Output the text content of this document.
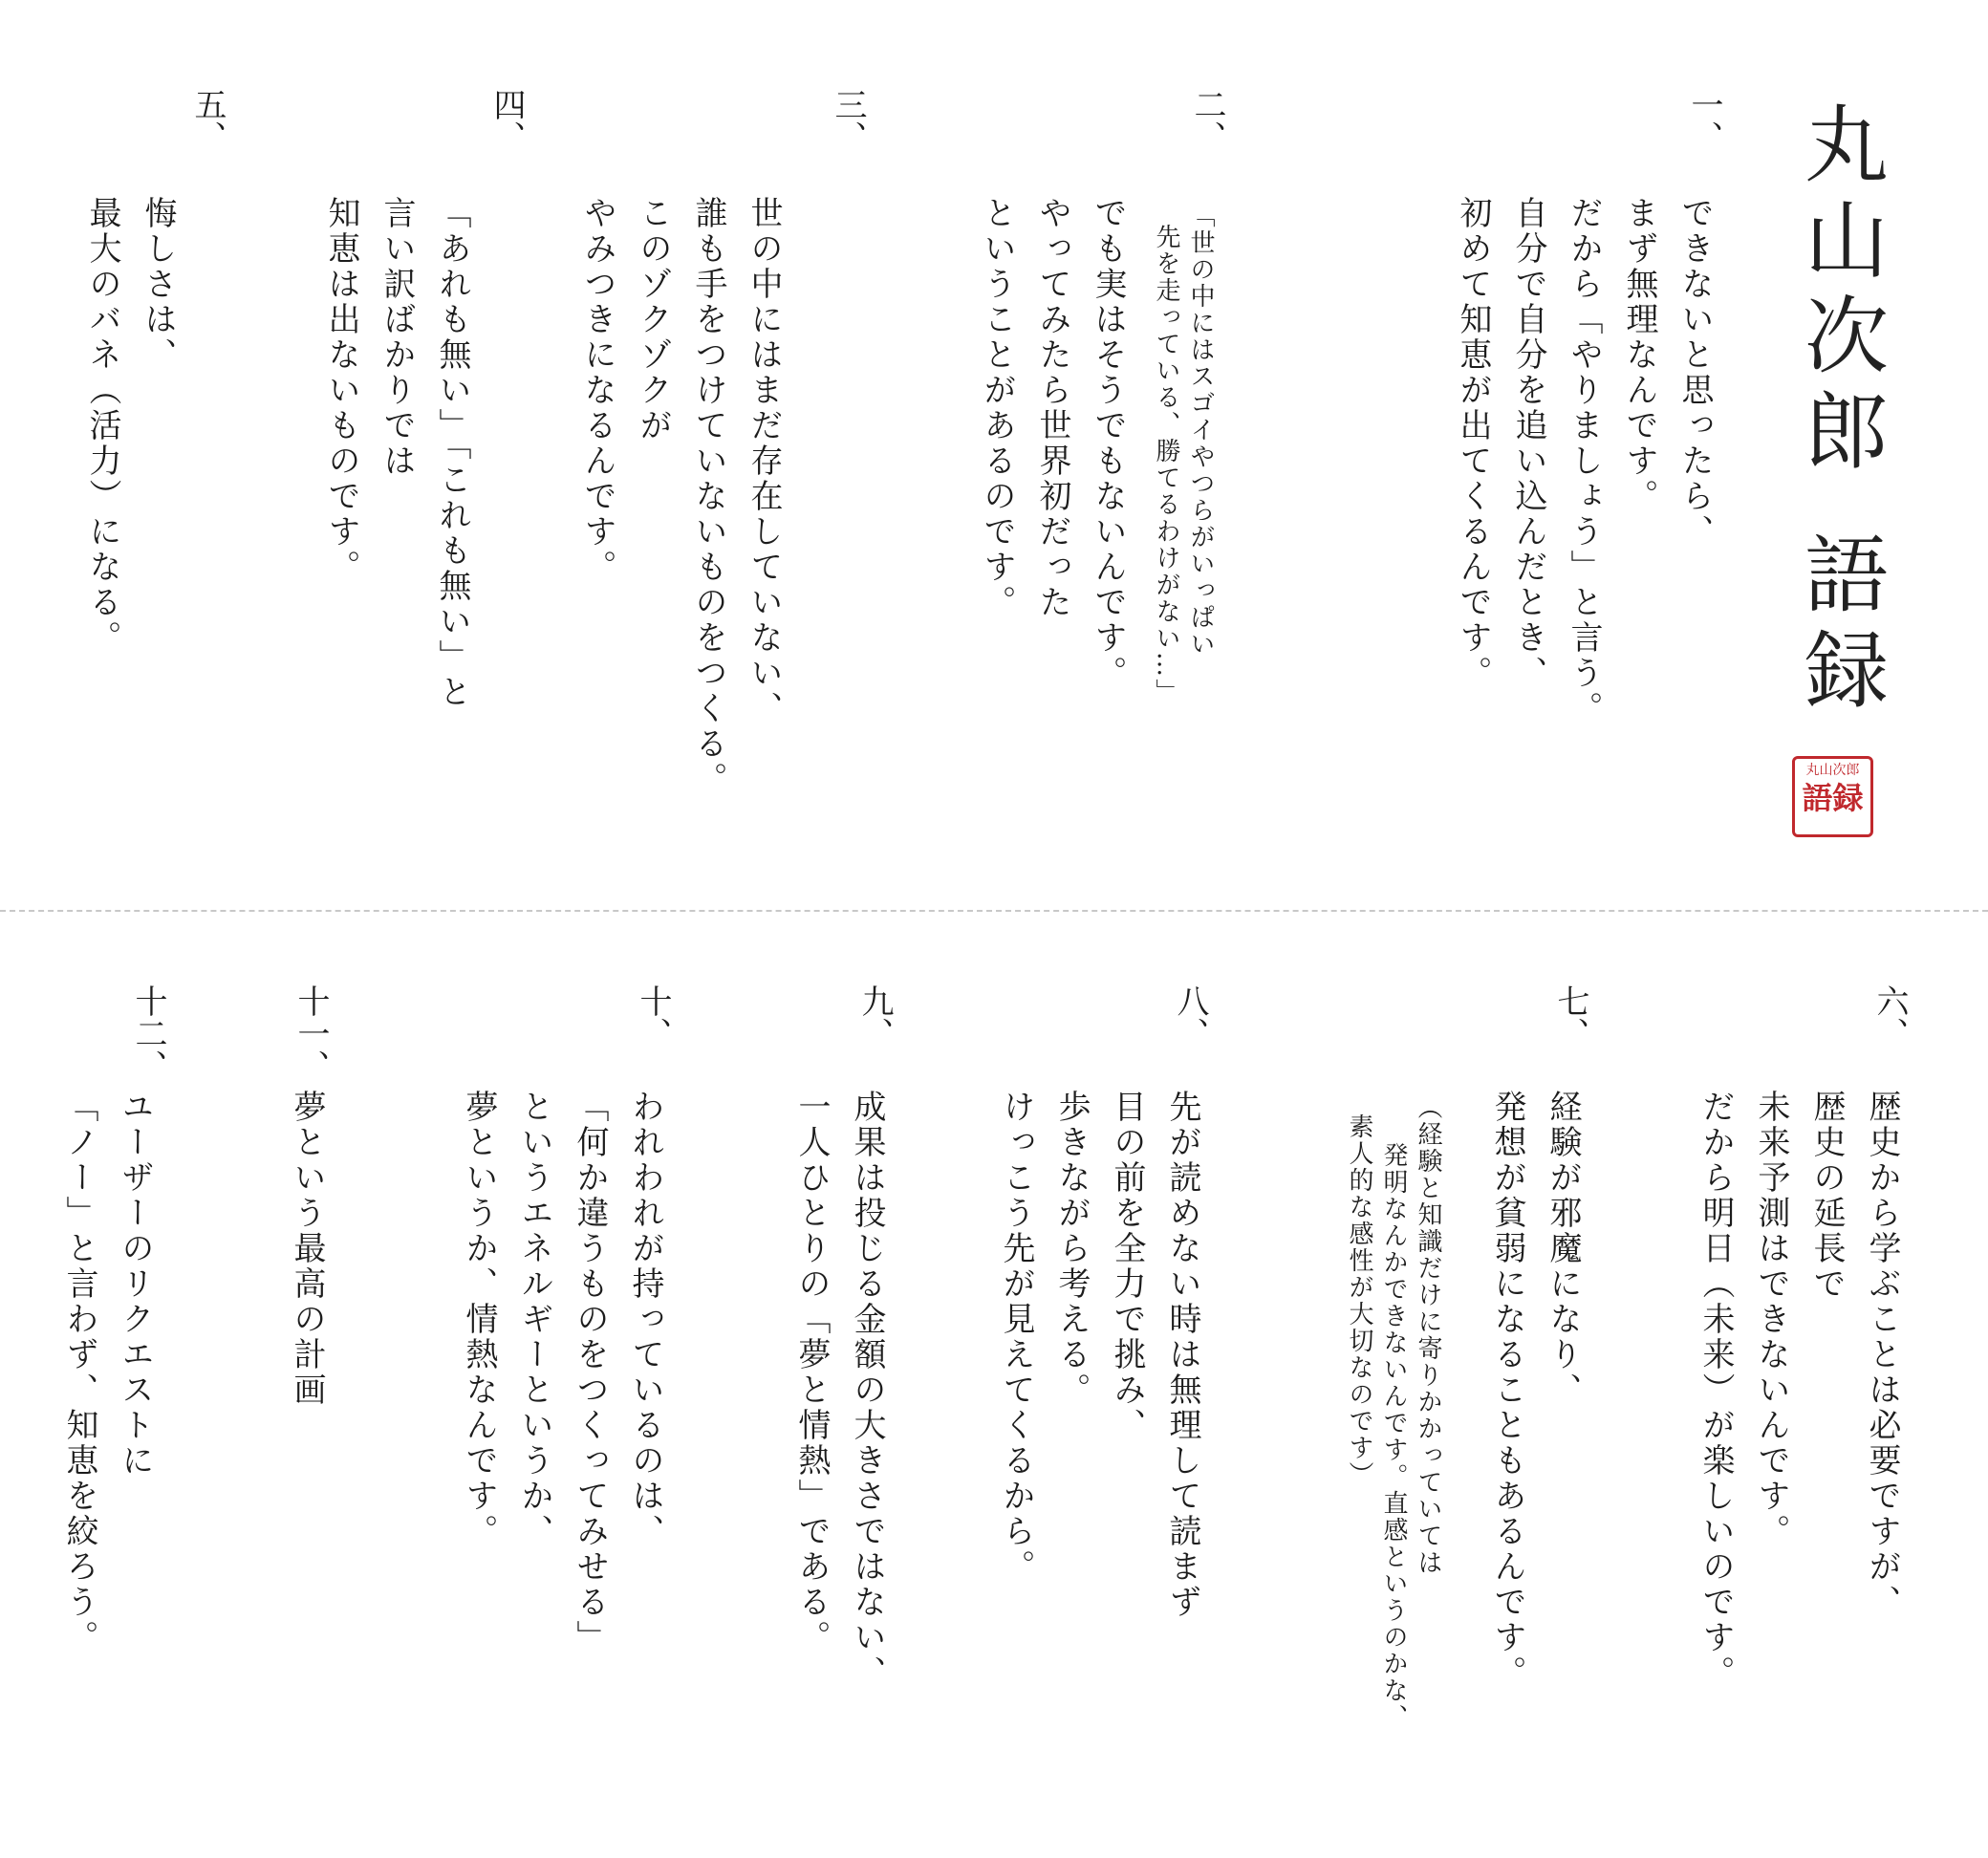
丸山次郎語録
丸山次郎
語録
一、
できないと思ったら、
まず無理なんです。
だから「やりましょう」と言う。
自分で自分を追い込んだとき、
初めて知恵が出てくるんです。
二、
「世の中にはスゴイやつらがいっぱい
先を走っている、勝てるわけがない…」
でも実はそうでもないんです。
やってみたら世界初だった
ということがあるのです。
三、
世の中にはまだ存在していない、
誰も手をつけていないものをつくる。
このゾクゾクが
やみつきになるんです。
四、
「あれも無い」「これも無い」と
言い訳ばかりでは
知恵は出ないものです。
五、
悔しさは、
最大のバネ（活力）になる。
六、
歴史から学ぶことは必要ですが、
歴史の延長で
未来予測はできないんです。
だから明日（未来）が楽しいのです。
七、
経験が邪魔になり、
発想が貧弱になることもあるんです。
（経験と知識だけに寄りかかっていては
発明なんかできないんです。直感というのかな、
素人的な感性が大切なのです）
八、
先が読めない時は無理して読まず
目の前を全力で挑み、
歩きながら考える。
けっこう先が見えてくるから。
九、
成果は投じる金額の大きさではない、
一人ひとりの「夢と情熱」である。
十、
われわれが持っているのは、
「何か違うものをつくってみせる」
というエネルギーというか、
夢というか、情熱なんです。
十一、
夢という最高の計画
十二、
ユーザーのリクエストに
「ノー」と言わず、知恵を絞ろう。
